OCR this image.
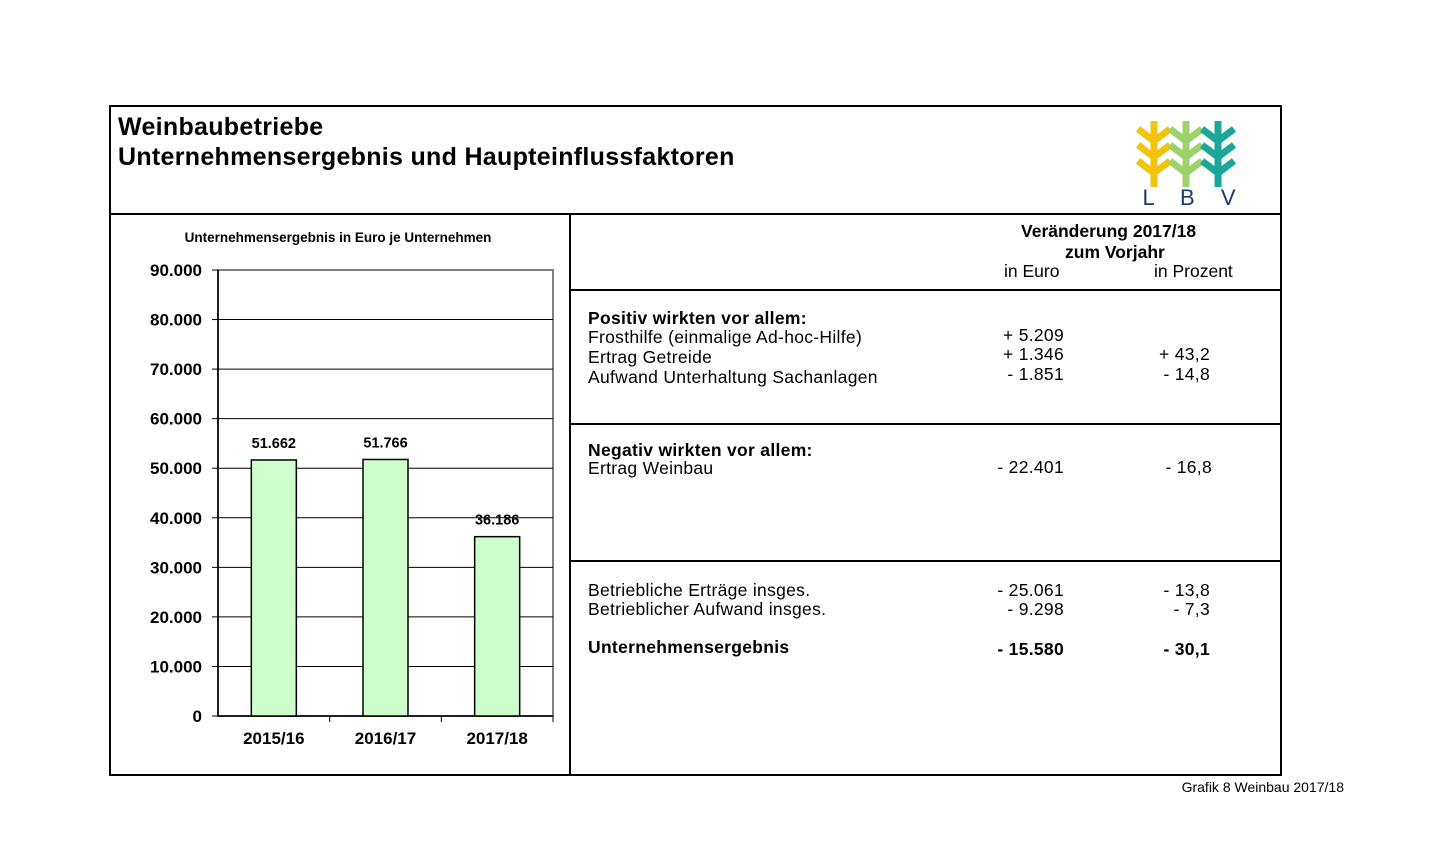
Weinbaubetriebe
Unternehmensergebnis und Haupteinflussfaktoren
L B V
Unternehmensergebnis in Euro je Unternehmen
0
10.000
20.000
30.000
40.000
50.000
60.000
70.000
80.000
90.000
51.662
2015/16
51.766
2016/17
36.186
2017/18
Veränderung 2017/18
zum Vorjahr
in Euro	in Prozent
Positiv wirkten vor allem:
Frosthilfe (einmalige Ad-hoc-Hilfe)	+ 5.209
Ertrag Getreide	+ 1.346	+ 43,2
Aufwand Unterhaltung Sachanlagen	- 1.851	- 14,8
Negativ wirkten vor allem:
Ertrag Weinbau	- 22.401	- 16,8
Betriebliche Erträge insges.	- 25.061	- 13,8
Betrieblicher Aufwand insges.	- 9.298	- 7,3
Unternehmensergebnis	- 15.580	- 30,1
Grafik 8 Weinbau 2017/18
